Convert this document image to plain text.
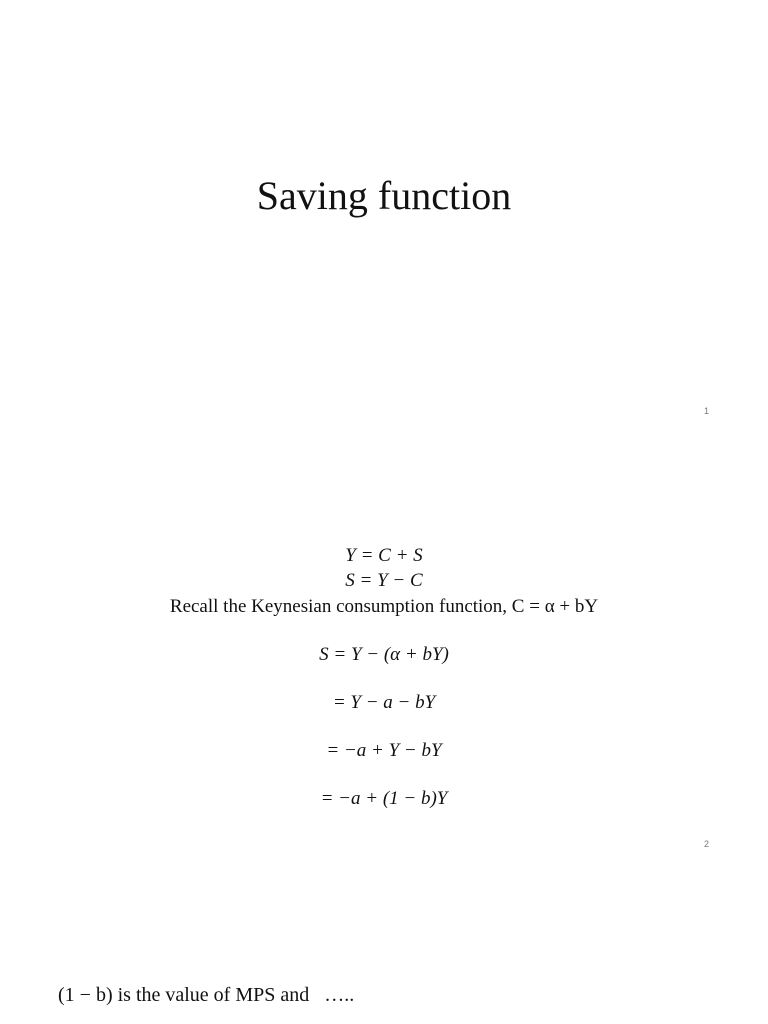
Saving function
1
Y = C + S
S = Y − C
Recall the Keynesian consumption function, C = α + bY
S = Y − (α + bY)
= Y − a − bY
= −a + Y − bY
= −a + (1 − b)Y
2
(1 − b) is the value of MPS and   …..
